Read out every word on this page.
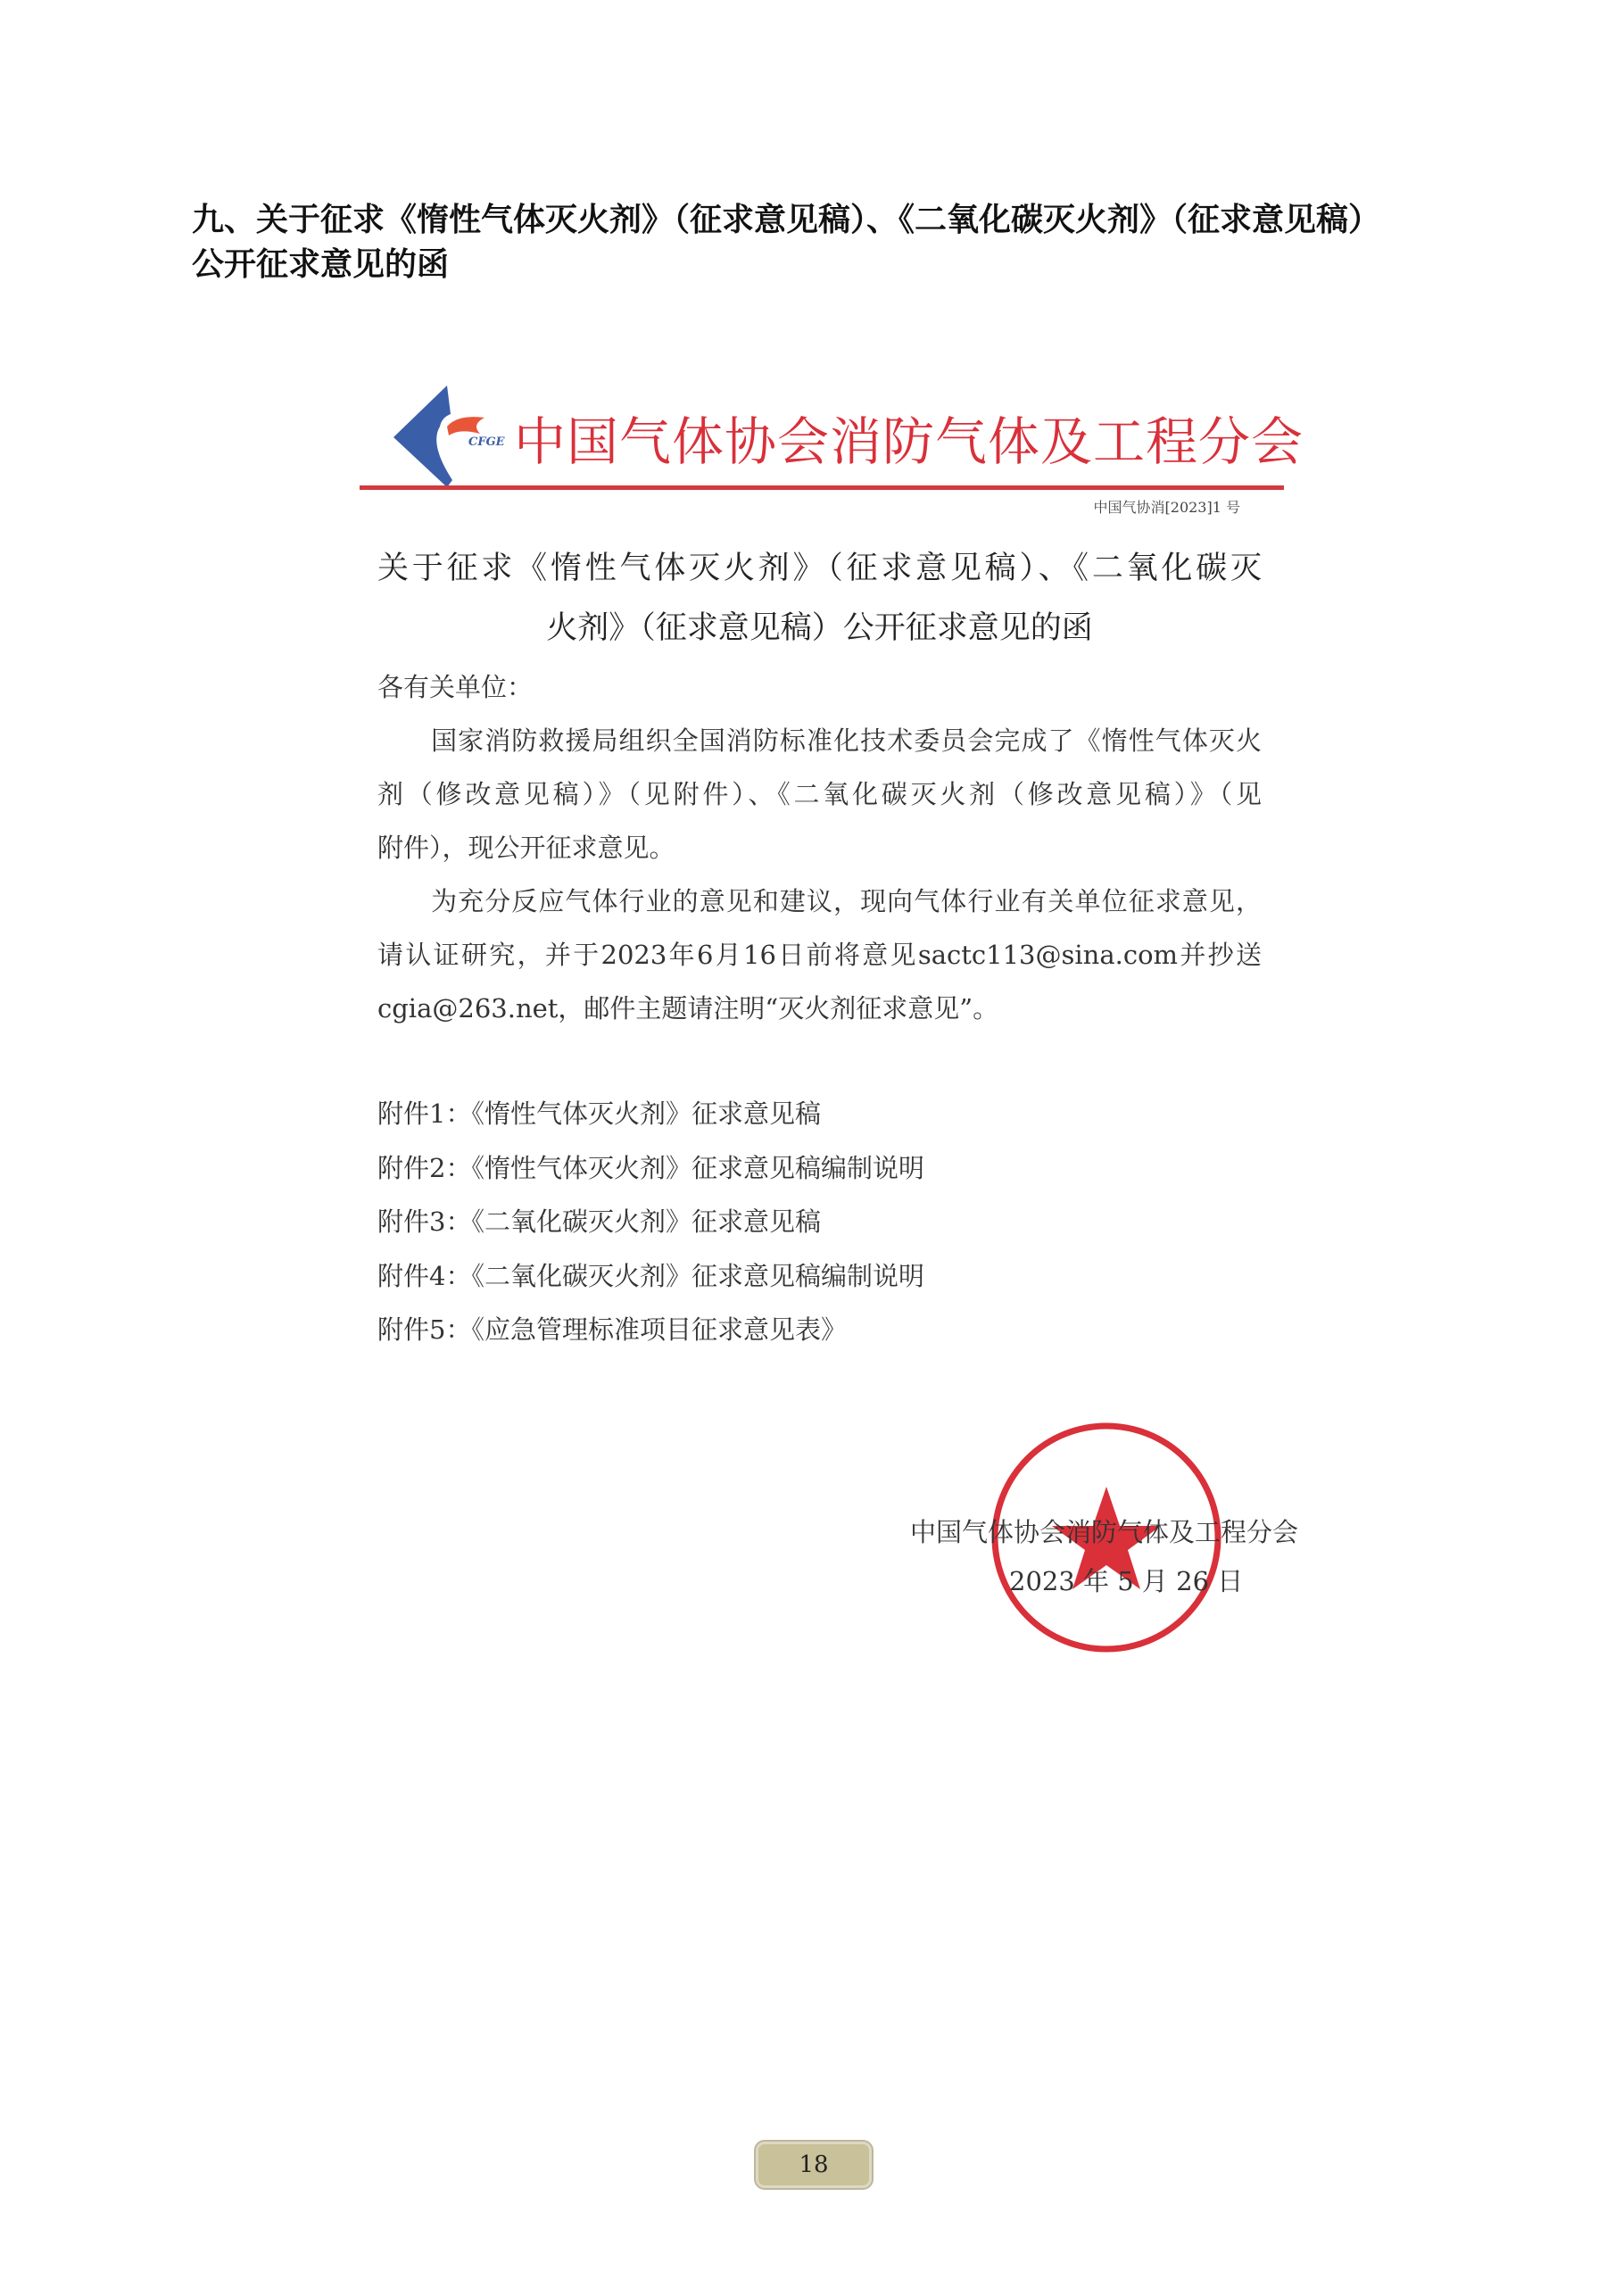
九、关于征求《惰性气体灭火剂》（征求意见稿）、《二氧化碳灭火剂》（征求意见稿）
公开征求意见的函
CFGE 中国气体协会消防气体及工程分会
中国气协消[2023]1 号
关于征求《惰性气体灭火剂》（征求意见稿）、《二氧化碳灭
火剂》（征求意见稿）公开征求意见的函
各有关单位：
　　国家消防救援局组织全国消防标准化技术委员会完成了《惰性气体灭火
剂（修改意见稿）》（见附件）、《二氧化碳灭火剂（修改意见稿）》（见
附件），现公开征求意见。
　　为充分反应气体行业的意见和建议，现向气体行业有关单位征求意见，
请认证研究，并于2023年6月16日前将意见sactc113@sina.com并抄送
cgia@263.net，邮件主题请注明“灭火剂征求意见”。
附件1：《惰性气体灭火剂》征求意见稿
附件2：《惰性气体灭火剂》征求意见稿编制说明
附件3：《二氧化碳灭火剂》征求意见稿
附件4：《二氧化碳灭火剂》征求意见稿编制说明
附件5：《应急管理标准项目征求意见表》
中国气体协会消防气体及工程分会
2023 年 5 月 26 日
18
